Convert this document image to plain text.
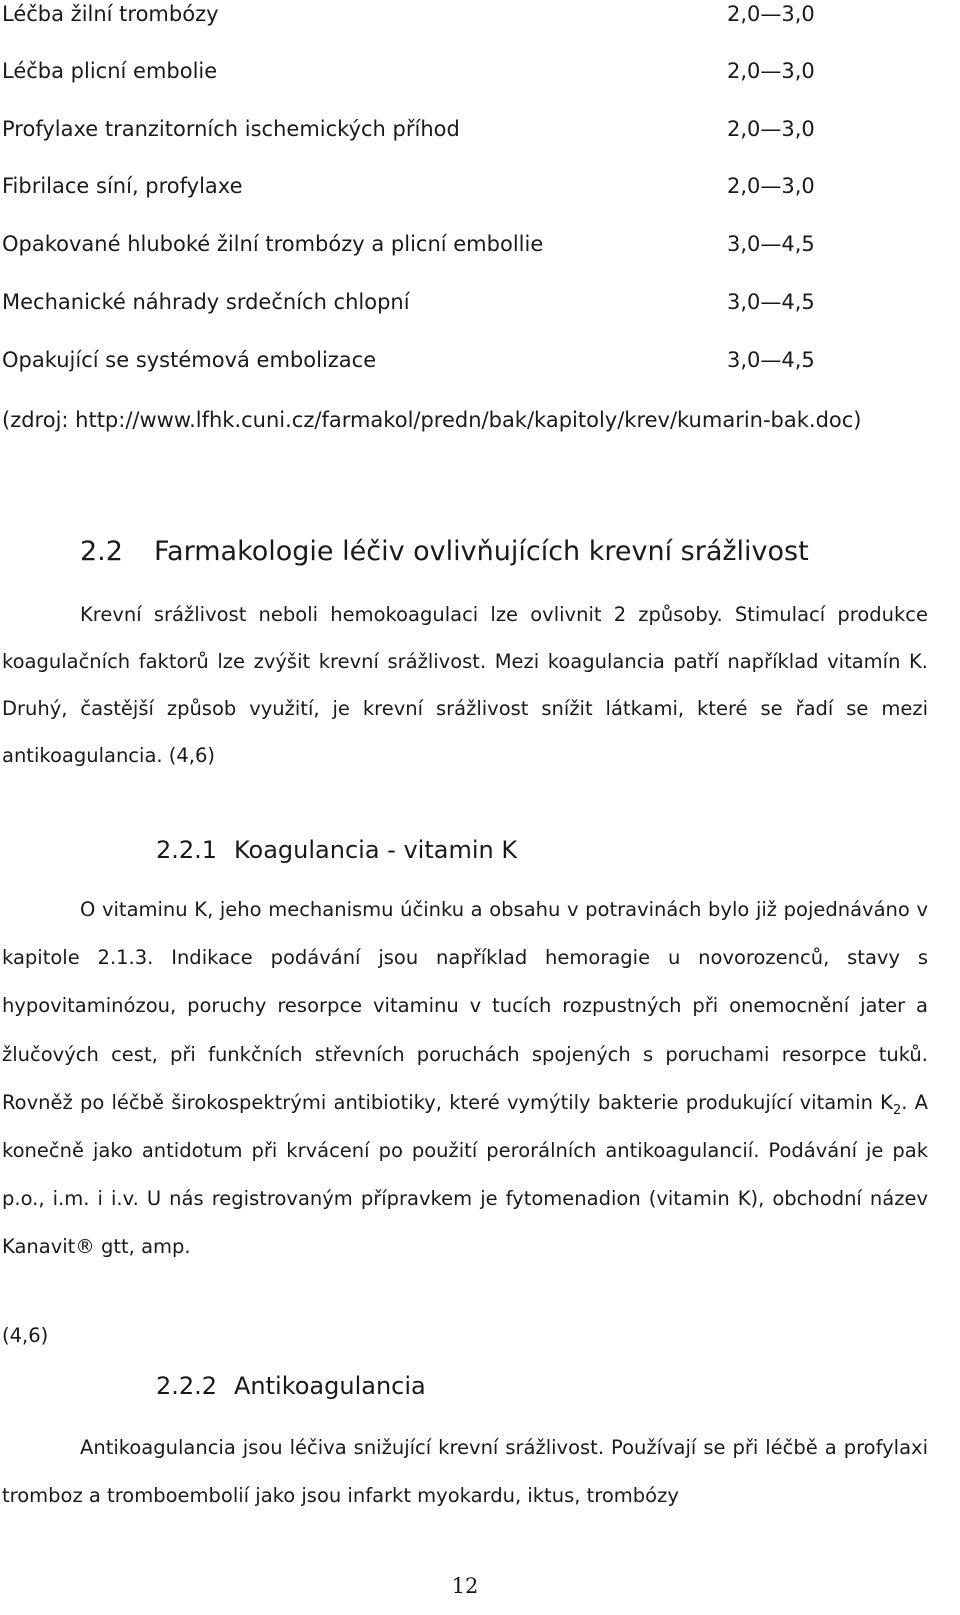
Léčba žilní trombózy	2,0—3,0
Léčba plicní embolie	2,0—3,0
Profylaxe tranzitorních ischemických příhod	2,0—3,0
Fibrilace síní, profylaxe	2,0—3,0
Opakované hluboké žilní trombózy a plicní embollie	3,0—4,5
Mechanické náhrady srdečních chlopní	3,0—4,5
Opakující se systémová embolizace	3,0—4,5
(zdroj: http://www.lfhk.cuni.cz/farmakol/predn/bak/kapitoly/krev/kumarin-bak.doc)
2.2 Farmakologie léčiv ovlivňujících krevní srážlivost

Krevní srážlivost neboli hemokoagulaci lze ovlivnit 2 způsoby. Stimulací produkce koagulačních faktorů lze zvýšit krevní srážlivost. Mezi koagulancia patří například vitamín K. Druhý, častější způsob využití, je krevní srážlivost snížit látkami, které se řadí se mezi antikoagulancia. (4,6)

2.2.1 Koagulancia - vitamin K

O vitaminu K, jeho mechanismu účinku a obsahu v potravinách bylo již pojednáváno v kapitole 2.1.3. Indikace podávání jsou například hemoragie u novorozenců, stavy s hypovitaminózou, poruchy resorpce vitaminu v tucích rozpustných při onemocnění jater a žlučových cest, při funkčních střevních poruchách spojených s poruchami resorpce tuků. Rovněž po léčbě širokospektrými antibiotiky, které vymýtily bakterie produkující vitamin $K_2$. A konečně jako antidotum při krvácení po použití perorálních antikoagulancií. Podávání je pak p.o., i.m. i i.v. U nás registrovaným přípravkem je fytomenadion (vitamin K), obchodní název Kanavit® gtt, amp.

(4,6)
2.2.2 Antikoagulancia

Antikoagulancia jsou léčiva snižující krevní srážlivost. Používají se při léčbě a profylaxi tromboz a tromboembolií jako jsou infarkt myokardu, iktus, trombózy

12
